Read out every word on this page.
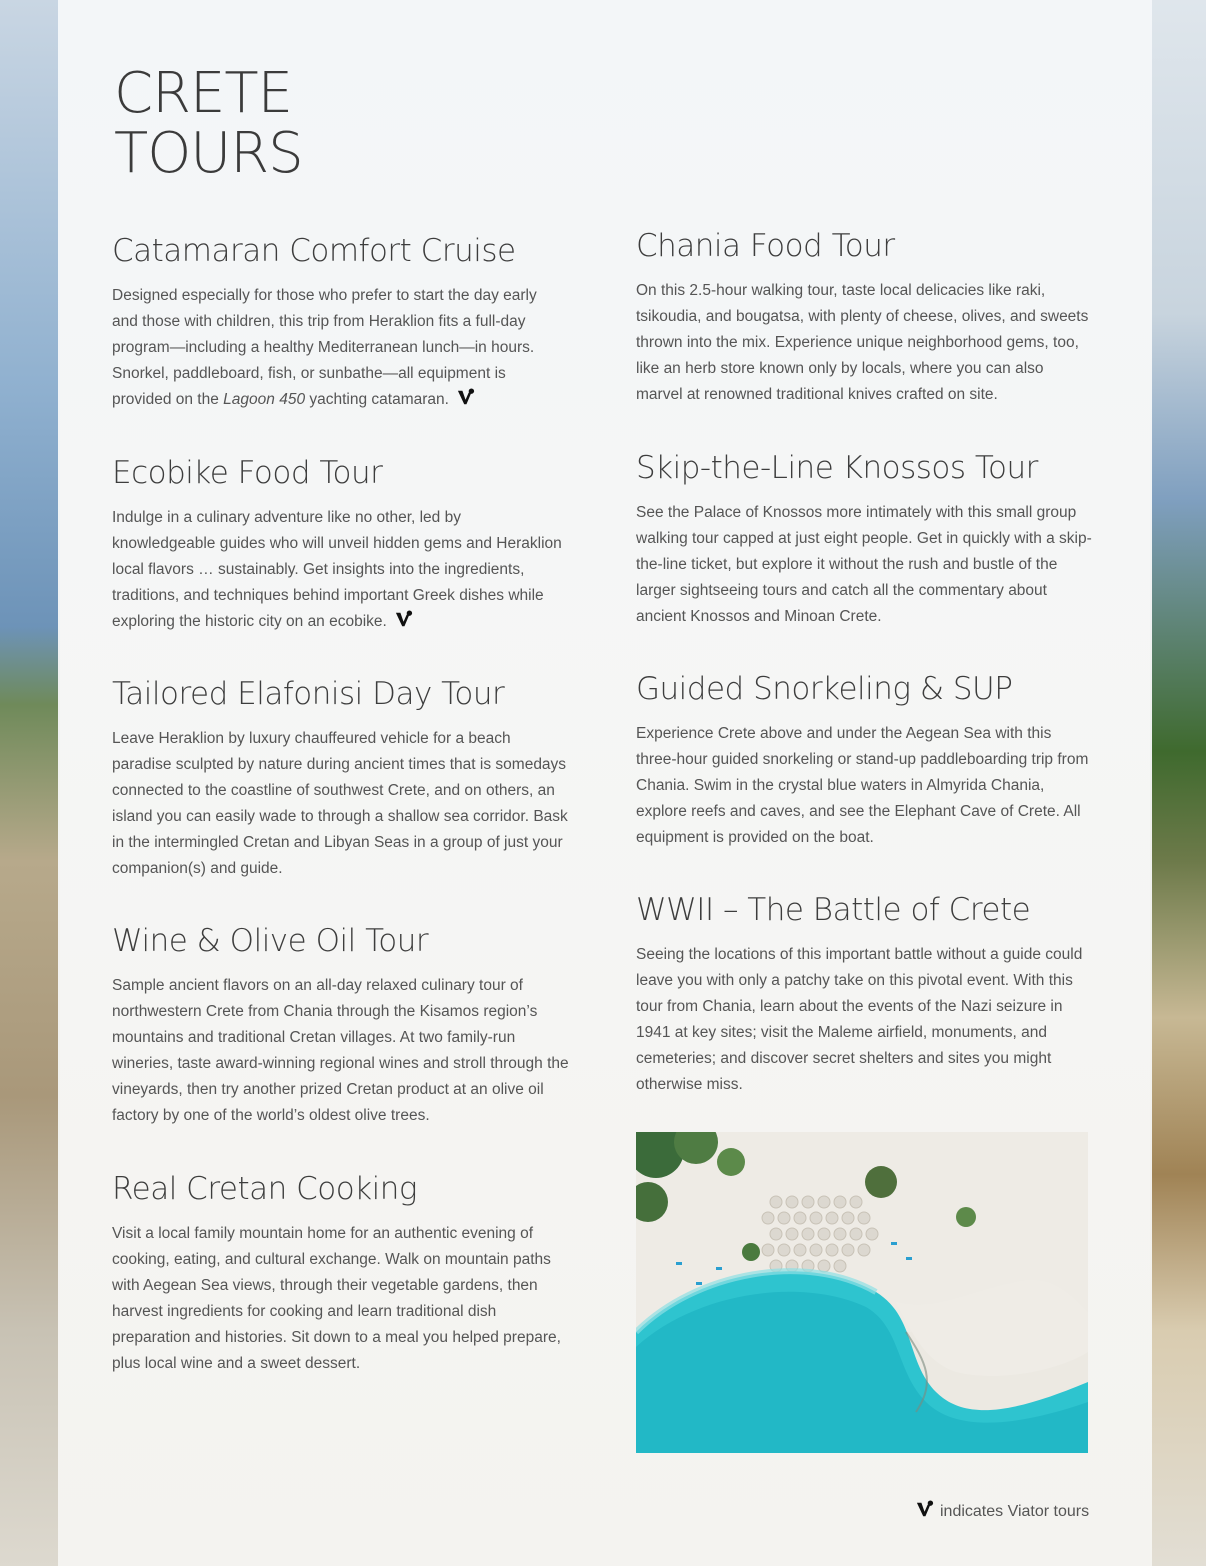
CRETE
TOURS
Catamaran Comfort Cruise

Designed especially for those who prefer to start the day early and those with children, this trip from Heraklion fits a full-day program—including a healthy Mediterranean lunch—in hours. Snorkel, paddleboard, fish, or sunbathe—all equipment is provided on the Lagoon 450 yachting catamaran.

Ecobike Food Tour

Indulge in a culinary adventure like no other, led by knowledgeable guides who will unveil hidden gems and Heraklion local flavors … sustainably. Get insights into the ingredients, traditions, and techniques behind important Greek dishes while exploring the historic city on an ecobike.

Tailored Elafonisi Day Tour

Leave Heraklion by luxury chauffeured vehicle for a beach paradise sculpted by nature during ancient times that is somedays connected to the coastline of southwest Crete, and on others, an island you can easily wade to through a shallow sea corridor. Bask in the intermingled Cretan and Libyan Seas in a group of just your companion(s) and guide.

Wine & Olive Oil Tour

Sample ancient flavors on an all-day relaxed culinary tour of northwestern Crete from Chania through the Kisamos region’s mountains and traditional Cretan villages. At two family-run wineries, taste award-winning regional wines and stroll through the vineyards, then try another prized Cretan product at an olive oil factory by one of the world’s oldest olive trees.

Real Cretan Cooking

Visit a local family mountain home for an authentic evening of cooking, eating, and cultural exchange. Walk on mountain paths with Aegean Sea views, through their vegetable gardens, then harvest ingredients for cooking and learn traditional dish preparation and histories. Sit down to a meal you helped prepare, plus local wine and a sweet dessert.

Chania Food Tour

On this 2.5-hour walking tour, taste local delicacies like raki, tsikoudia, and bougatsa, with plenty of cheese, olives, and sweets thrown into the mix. Experience unique neighborhood gems, too, like an herb store known only by locals, where you can also marvel at renowned traditional knives crafted on site.

Skip-the-Line Knossos Tour

See the Palace of Knossos more intimately with this small group walking tour capped at just eight people. Get in quickly with a skip-the-line ticket, but explore it without the rush and bustle of the larger sightseeing tours and catch all the commentary about ancient Knossos and Minoan Crete.

Guided Snorkeling & SUP

Experience Crete above and under the Aegean Sea with this three-hour guided snorkeling or stand-up paddleboarding trip from Chania. Swim in the crystal blue waters in Almyrida Chania, explore reefs and caves, and see the Elephant Cave of Crete. All equipment is provided on the boat.

WWII – The Battle of Crete

Seeing the locations of this important battle without a guide could leave you with only a patchy take on this pivotal event. With this tour from Chania, learn about the events of the Nazi seizure in 1941 at key sites; visit the Maleme airfield, monuments, and cemeteries; and discover secret shelters and sites you might otherwise miss.

indicates Viator tours
